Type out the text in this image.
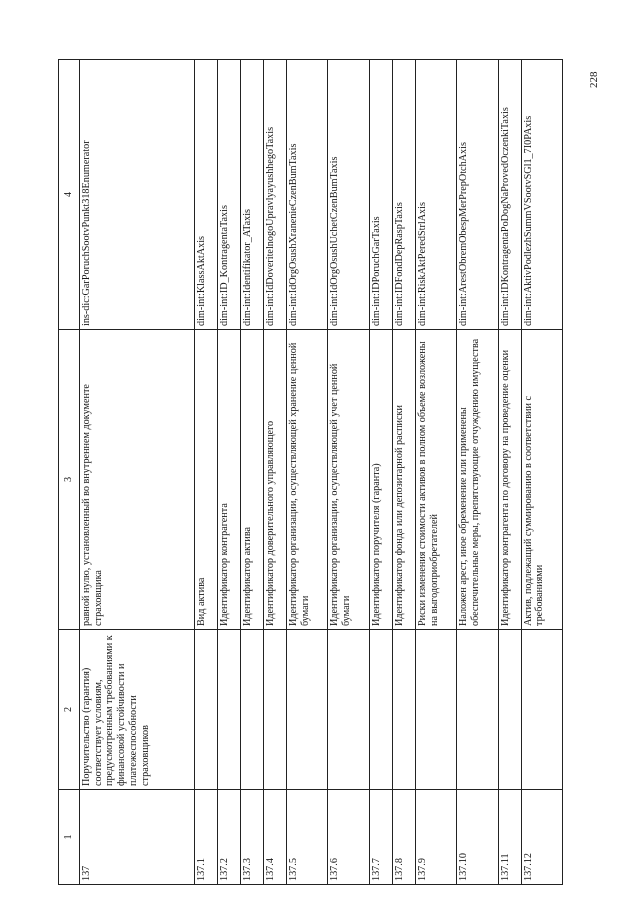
228
1	2	3	4
137	Поручительство (гарантия) соответствует условиям, предусмотренным требованиями к финансовой устойчивости и платежеспособности страховщиков	равной нулю, установленный во внутреннем документе страховщика	ins-dic:GarPoruchSootvPunkt318Enumerator
137.1		Вид актива	dim-int:KlassAktAxis
137.2		Идентификатор контрагента	dim-int:ID_KontragentaTaxis
137.3		Идентификатор актива	dim-int:Identifikator_ATaxis
137.4		Идентификатор доверительного управляющего	dim-int:IdDoveritelnogoUpravlyayushhegoTaxis
137.5		Идентификатор организации, осуществляющей хранение ценной бумаги	dim-int:IdOrgOsushXranenieCzenBumTaxis
137.6		Идентификатор организации, осуществляющей учет ценной бумаги	dim-int:IdOrgOsushUchetCzenBumTaxis
137.7		Идентификатор поручителя (гаранта)	dim-int:IDPoruchGarTaxis
137.8		Идентификатор фонда или депозитарной расписки	dim-int:IDFondDepRaspTaxis
137.9		Риски изменения стоимости активов в полном объеме возложены на выгодоприобретателей	dim-int:RiskAktPeredStrlAxis
137.10		Наложен арест, иное обременение или применены обеспечительные меры, препятствующие отчуждению имущества	dim-int:ArestObremObespMerPrepOtchAxis
137.11		Идентификатор контрагента по договору на проведение оценки	dim-int:IDKontragentaPoDogNaProvedOczenkiTaxis
137.12		Актив, подлежащий суммированию в соответствии с требованиями	dim-int:AktivPodlezhSummVSootvSGl1_7I0PAxis
